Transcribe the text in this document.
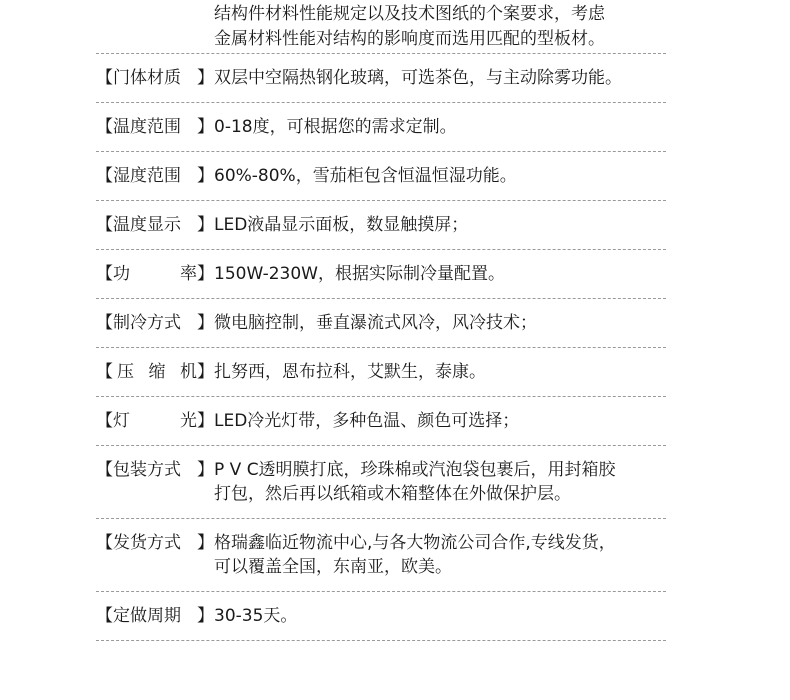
结构件材料性能规定以及技术图纸的个案要求，考虑
金属材料性能对结构的影响度而选用匹配的型板材。
【 门体材质 】 双层中空隔热钢化玻璃，可选茶色，与主动除雾功能。
【 温度范围 】 0-18度，可根据您的需求定制。
【 湿度范围 】 60%-80%，雪茄柜包含恒温恒湿功能。
【 温度显示 】 LED液晶显示面板，数显触摸屏；
【 功	率 】 150W-230W，根据实际制冷量配置。
【 制冷方式 】 微电脑控制，垂直瀑流式风冷，风冷技术；
【 压 缩 机 】 扎努西，恩布拉科，艾默生，泰康。
【 灯	光 】 LED冷光灯带，多种色温、颜色可选择；
【 包装方式 】 P V C透明膜打底，珍珠棉或汽泡袋包裹后，用封箱胶
打包，然后再以纸箱或木箱整体在外做保护层。
【 发货方式 】 格瑞鑫临近物流中心,与各大物流公司合作,专线发货，
可以覆盖全国，东南亚，欧美。
【 定做周期 】 30-35天。
